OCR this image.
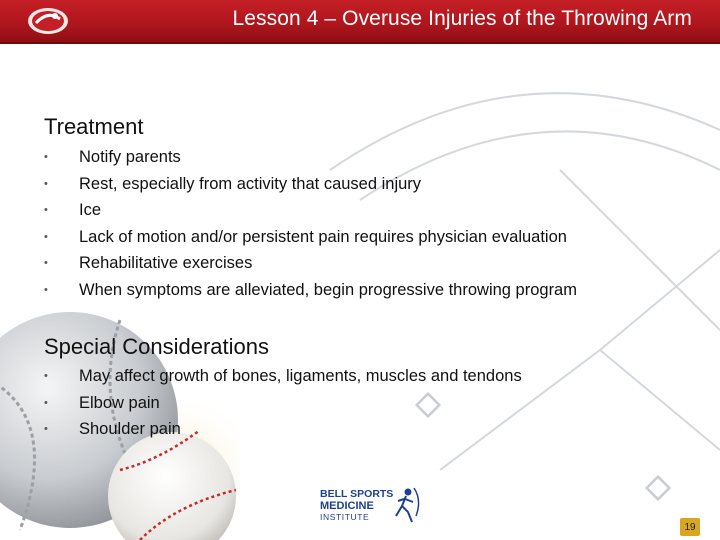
Lesson 4 – Overuse Injuries of the Throwing Arm
Treatment
• Notify parents
• Rest, especially from activity that caused injury
• Ice
• Lack of motion and/or persistent pain requires physician evaluation
• Rehabilitative exercises
• When symptoms are alleviated, begin progressive throwing program
Special Considerations
• May affect growth of bones, ligaments, muscles and tendons
• Elbow pain
• Shoulder pain
BELL SPORTS
MEDICINE
INSTITUTE
19
